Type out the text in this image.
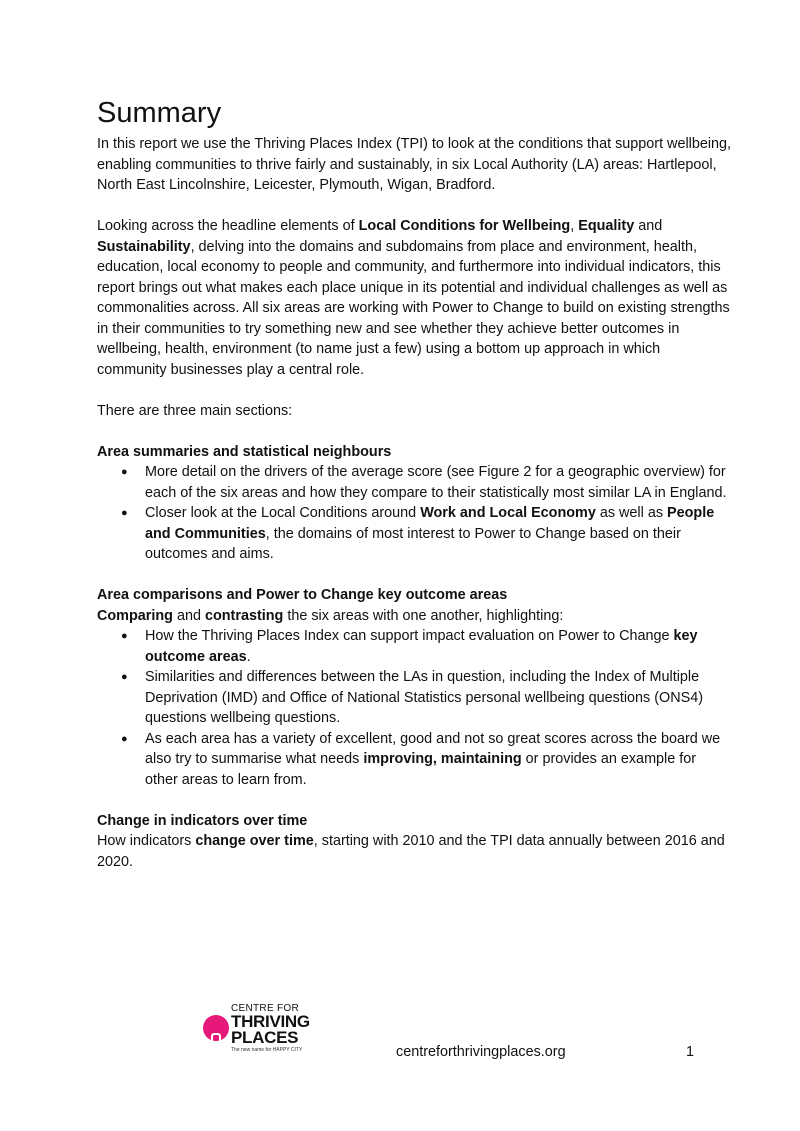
Summary

In this report we use the Thriving Places Index (TPI) to look at the conditions that support wellbeing, enabling communities to thrive fairly and sustainably, in six Local Authority (LA) areas: Hartlepool, North East Lincolnshire, Leicester, Plymouth, Wigan, Bradford.

Looking across the headline elements of Local Conditions for Wellbeing, Equality and Sustainability, delving into the domains and subdomains from place and environment, health, education, local economy to people and community, and furthermore into individual indicators, this report brings out what makes each place unique in its potential and individual challenges as well as commonalities across. All six areas are working with Power to Change to build on existing strengths in their communities to try something new and see whether they achieve better outcomes in wellbeing, health, environment (to name just a few) using a bottom up approach in which community businesses play a central role.

There are three main sections:

Area summaries and statistical neighbours

● More detail on the drivers of the average score (see Figure 2 for a geographic overview) for each of the six areas and how they compare to their statistically most similar LA in England.
● Closer look at the Local Conditions around Work and Local Economy as well as People and Communities, the domains of most interest to Power to Change based on their outcomes and aims.

Area comparisons and Power to Change key outcome areas

Comparing and contrasting the six areas with one another, highlighting:

● How the Thriving Places Index can support impact evaluation on Power to Change key outcome areas.
● Similarities and differences between the LAs in question, including the Index of Multiple Deprivation (IMD) and Office of National Statistics personal wellbeing questions (ONS4) questions wellbeing questions.
● As each area has a variety of excellent, good and not so great scores across the board we also try to summarise what needs improving, maintaining or provides an example for other areas to learn from.

Change in indicators over time

How indicators change over time, starting with 2010 and the TPI data annually between 2016 and 2020.

CENTRE FOR
THRIVING
PLACES
The new name for HAPPY CITY	centreforthrivingplaces.org	1
